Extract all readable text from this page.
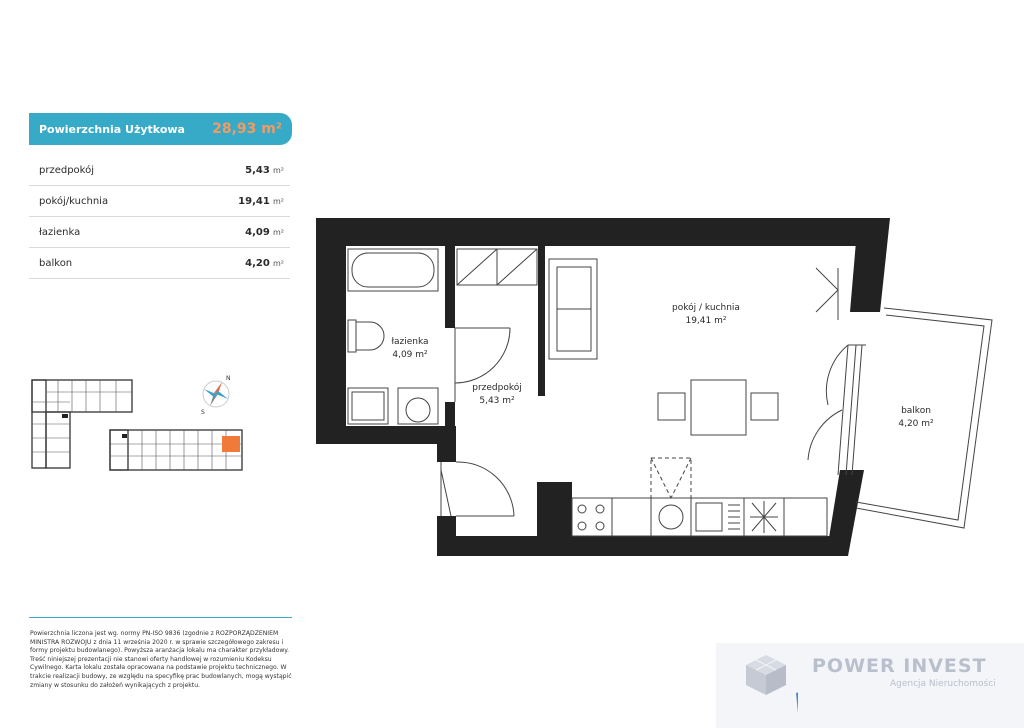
Powierzchnia Użytkowa 28,93 m²
przedpokój	5,43 m²
pokój/kuchnia	19,41 m²
łazienka	4,09 m²
balkon	4,20 m²
N
S
łazienka
4,09 m²
przedpokój
5,43 m²
pokój / kuchnia
19,41 m²
balkon
4,20 m²
Powierzchnia liczona jest wg. normy PN-ISO 9836 (zgodnie z ROZPORZĄDZENIEM MINISTRA ROZWOJU z dnia 11 września 2020 r. w sprawie szczegółowego zakresu i formy projektu budowlanego). Powyższa aranżacja lokalu ma charakter przykładowy. Treść niniejszej prezentacji nie stanowi oferty handlowej w rozumieniu Kodeksu Cywilnego. Karta lokalu została opracowana na podstawie projektu technicznego. W trakcie realizacji budowy, ze względu na specyfikę prac budowlanych, mogą wystąpić zmiany w stosunku do założeń wynikających z projektu.
POWER INVEST
Agencja Nieruchomości
